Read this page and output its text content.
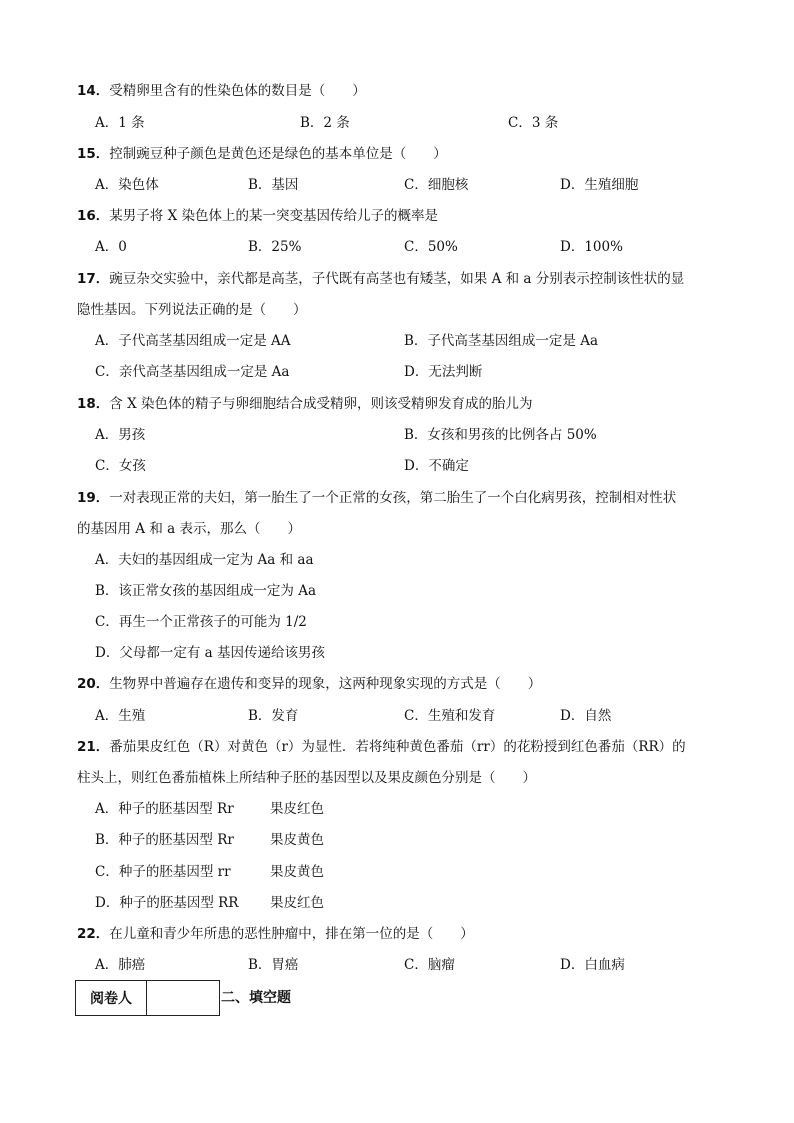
14．受精卵里含有的性染色体的数目是（　　）
A．1 条	B．2 条	C．3 条
15．控制豌豆种子颜色是黄色还是绿色的基本单位是（　　）
A．染色体	B．基因	C．细胞核	D．生殖细胞
16．某男子将 X 染色体上的某一突变基因传给儿子的概率是
A．0	B．25%	C．50%	D．100%
17．豌豆杂交实验中，亲代都是高茎，子代既有高茎也有矮茎，如果 A 和 a 分别表示控制该性状的显
隐性基因。下列说法正确的是（　　）
A．子代高茎基因组成一定是 AA	B．子代高茎基因组成一定是 Aa
C．亲代高茎基因组成一定是 Aa	D．无法判断
18．含 X 染色体的精子与卵细胞结合成受精卵，则该受精卵发育成的胎儿为
A．男孩	B．女孩和男孩的比例各占 50%
C．女孩	D．不确定
19．一对表现正常的夫妇，第一胎生了一个正常的女孩，第二胎生了一个白化病男孩，控制相对性状
的基因用 A 和 a 表示，那么（　　）
A．夫妇的基因组成一定为 Aa 和 aa
B．该正常女孩的基因组成一定为 Aa
C．再生一个正常孩子的可能为 1/2
D．父母都一定有 a 基因传递给该男孩
20．生物界中普遍存在遗传和变异的现象，这两种现象实现的方式是（　　）
A．生殖	B．发育	C．生殖和发育	D．自然
21．番茄果皮红色（R）对黄色（r）为显性．若将纯种黄色番茄（rr）的花粉授到红色番茄（RR）的
柱头上，则红色番茄植株上所结种子胚的基因型以及果皮颜色分别是（　　）
A．种子的胚基因型 Rr	果皮红色
B．种子的胚基因型 Rr	果皮黄色
C．种子的胚基因型 rr	果皮黄色
D．种子的胚基因型 RR 果皮红色
22．在儿童和青少年所患的恶性肿瘤中，排在第一位的是（　　）
A．肺癌	B．胃癌	C．脑瘤	D．白血病
阅卷人	二、填空题
